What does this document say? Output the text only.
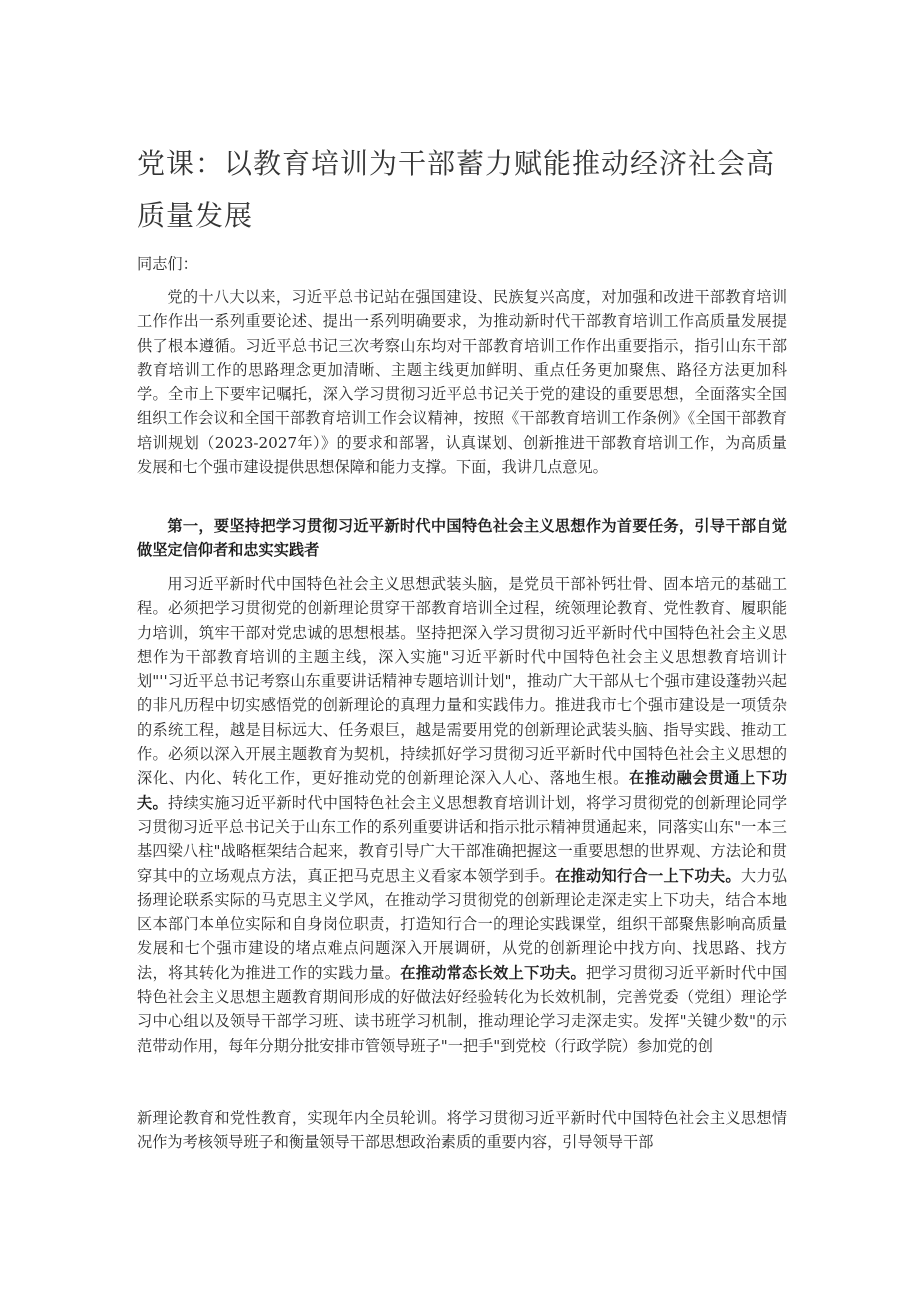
党课：以教育培训为干部蓄力赋能推动经济社会高质量发展

同志们：

党的十八大以来，习近平总书记站在强国建设、民族复兴高度，对加强和改进干部教育培训工作作出一系列重要论述、提出一系列明确要求，为推动新时代干部教育培训工作高质量发展提供了根本遵循。习近平总书记三次考察山东均对干部教育培训工作作出重要指示，指引山东干部教育培训工作的思路理念更加清晰、主题主线更加鲜明、重点任务更加聚焦、路径方法更加科学。全市上下要牢记嘱托，深入学习贯彻习近平总书记关于党的建设的重要思想，全面落实全国组织工作会议和全国干部教育培训工作会议精神，按照《干部教育培训工作条例》《全国干部教育培训规划（2023-2027年）》的要求和部署，认真谋划、创新推进干部教育培训工作，为高质量发展和七个强市建设提供思想保障和能力支撑。下面，我讲几点意见。

第一，要坚持把学习贯彻习近平新时代中国特色社会主义思想作为首要任务，引导干部自觉做坚定信仰者和忠实实践者

用习近平新时代中国特色社会主义思想武装头脑，是党员干部补钙壮骨、固本培元的基础工程。必须把学习贯彻党的创新理论贯穿干部教育培训全过程，统领理论教育、党性教育、履职能力培训，筑牢干部对党忠诚的思想根基。坚持把深入学习贯彻习近平新时代中国特色社会主义思想作为干部教育培训的主题主线，深入实施"习近平新时代中国特色社会主义思想教育培训计划"''习近平总书记考察山东重要讲话精神专题培训计划"，推动广大干部从七个强市建设蓬勃兴起的非凡历程中切实感悟党的创新理论的真理力量和实践伟力。推进我市七个强市建设是一项赁杂的系统工程，越是目标远大、任务艰巨，越是需要用党的创新理论武装头脑、指导实践、推动工作。必须以深入开展主题教育为契机，持续抓好学习贯彻习近平新时代中国特色社会主义思想的深化、内化、转化工作，更好推动党的创新理论深入人心、落地生根。在推动融会贯通上下功夫。持续实施习近平新时代中国特色社会主义思想教育培训计划，将学习贯彻党的创新理论同学习贯彻习近平总书记关于山东工作的系列重要讲话和指示批示精神贯通起来，同落实山东"一本三基四梁八柱"战略框架结合起来，教育引导广大干部准确把握这一重要思想的世界观、方法论和贯穿其中的立场观点方法，真正把马克思主义看家本领学到手。在推动知行合一上下功夫。大力弘扬理论联系实际的马克思主义学风，在推动学习贯彻党的创新理论走深走实上下功夫，结合本地区本部门本单位实际和自身岗位职责，打造知行合一的理论实践课堂，组织干部聚焦影响高质量发展和七个强市建设的堵点难点问题深入开展调研，从党的创新理论中找方向、找思路、找方法，将其转化为推进工作的实践力量。在推动常态长效上下功夫。把学习贯彻习近平新时代中国特色社会主义思想主题教育期间形成的好做法好经验转化为长效机制，完善党委（党组）理论学习中心组以及领导干部学习班、读书班学习机制，推动理论学习走深走实。发挥"关键少数"的示范带动作用，每年分期分批安排市管领导班子"一把手"到党校（行政学院）参加党的创

新理论教育和党性教育，实现年内全员轮训。将学习贯彻习近平新时代中国特色社会主义思想情况作为考核领导班子和衡量领导干部思想政治素质的重要内容，引导领导干部
